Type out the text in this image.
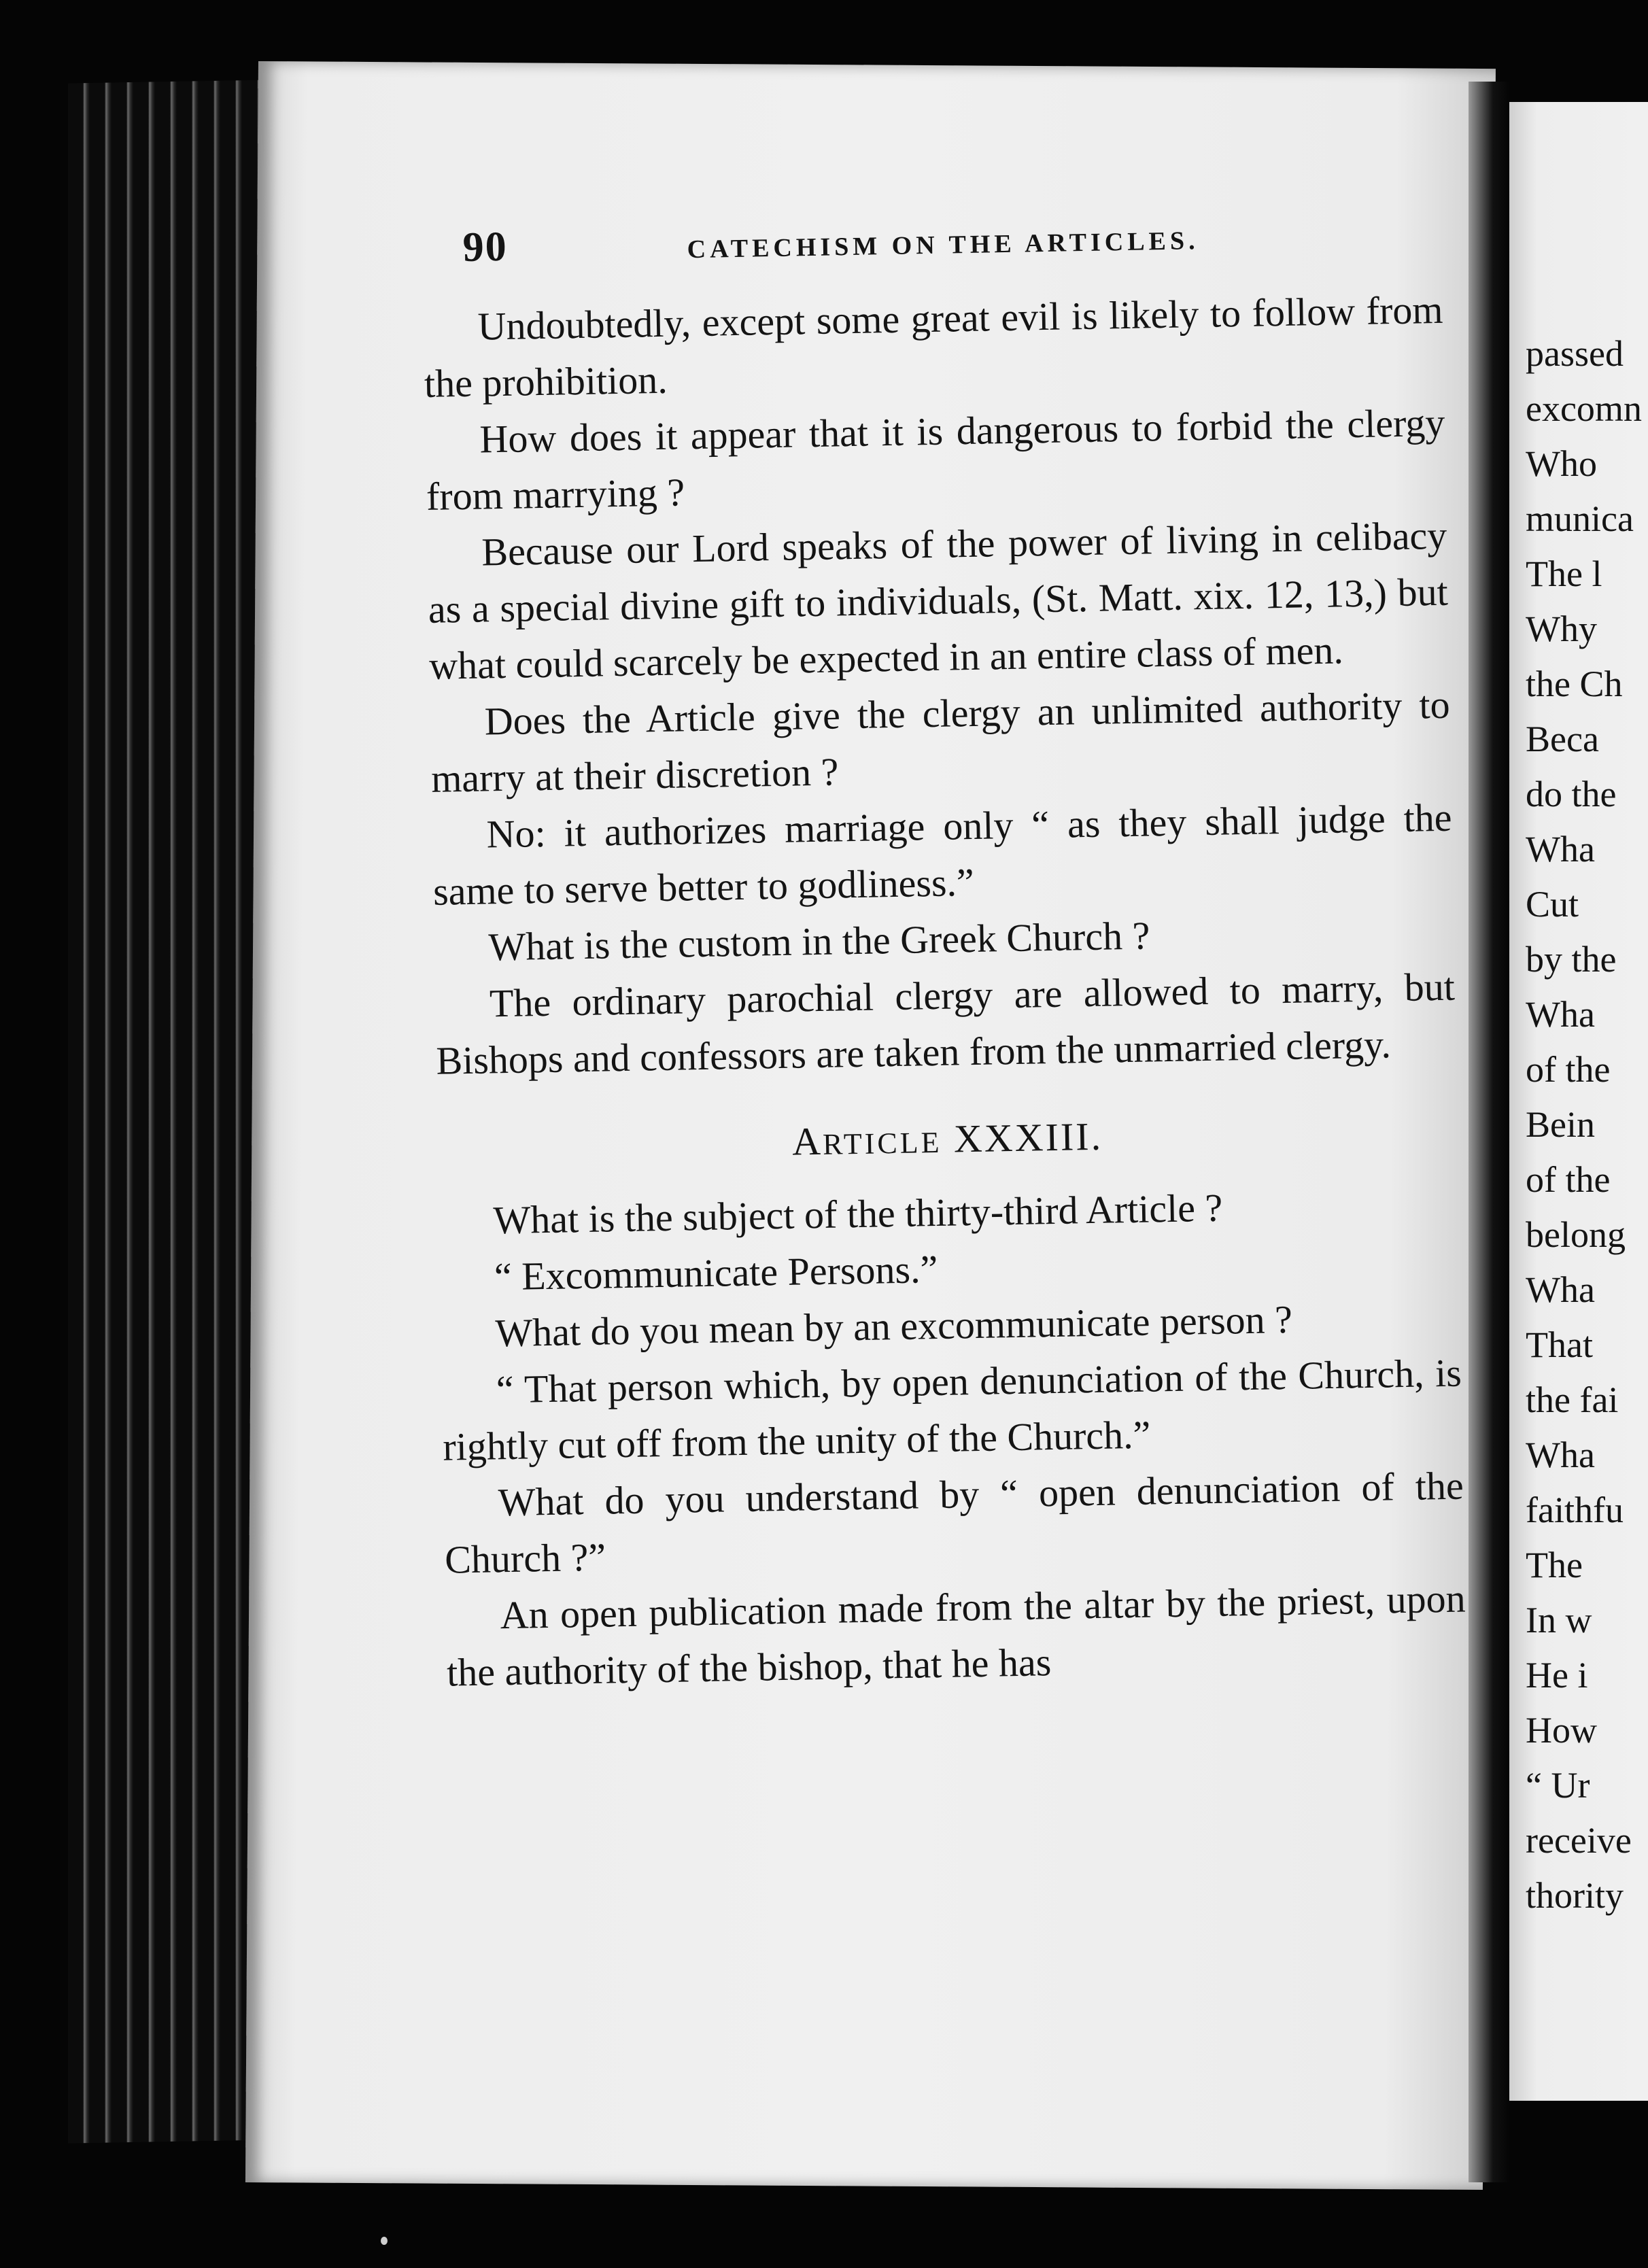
passed
excomn
Who
munica
The l
Why
the Ch
Beca
do the
Wha
Cut
by the
Wha
of the
Bein
of the
belong
Wha
That
the fai
Wha
faithfu
The
In w
He i
How
“ Ur
receive
thority
90	CATECHISM ON THE ARTICLES.

Undoubtedly, except some great evil is likely to follow from the prohibition.

How does it appear that it is dangerous to forbid the clergy from marrying ?

Because our Lord speaks of the power of living in celibacy as a special divine gift to individuals, (St. Matt. xix. 12, 13,) but what could scarcely be expected in an entire class of men.

Does the Article give the clergy an unlimited authority to marry at their discretion ?

No: it authorizes marriage only “ as they shall judge the same to serve better to godliness.”

What is the custom in the Greek Church ?

The ordinary parochial clergy are allowed to marry, but Bishops and confessors are taken from the unmarried clergy.

ARTICLE XXXIII.

What is the subject of the thirty-third Article ?

“ Excommunicate Persons.”

What do you mean by an excommunicate person ?

“ That person which, by open denunciation of the Church, is rightly cut off from the unity of the Church.”

What do you understand by “ open denunciation of the Church ?”

An open publication made from the altar by the priest, upon the authority of the bishop, that he has
